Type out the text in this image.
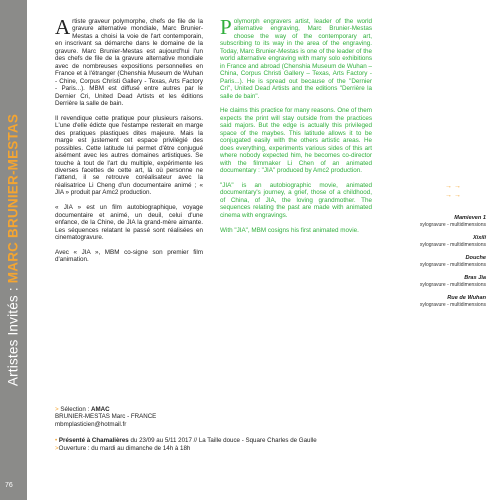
Artistes Invités :MARC BRUNIER-MESTAS
76

Artiste graveur polymorphe, chefs de file de la gravure alternative mondiale, Marc Brunier-Mestas a choisi la voie de l'art contemporain, en inscrivant sa démarche dans le domaine de la gravure. Marc Brunier-Mestas est aujourd'hui l'un des chefs de file de la gravure alternative mondiale avec de nombreuses expositions personnelles en France et à l'étranger (Chenshia Museum de Wuhan - Chine, Corpus Christi Gallery - Texas, Arts Factory - Paris...). MBM est diffusé entre autres par le Dernier Cri, United Dead Artists et les éditions Derrière la salle de bain.

Il revendique cette pratique pour plusieurs raisons. L'une d'elle édicte que l'estampe resterait en marge des pratiques plastiques dites majeure. Mais la marge est justement cet espace privilégié des possibles. Cette latitude lui permet d'être conjugué aisément avec les autres domaines artistiques. Se touche à tout de l'art du multiple, expérimente les diverses facettes de cette art, là où personne ne l'attend, il se retrouve coréalisateur avec la réalisatrice Li Cheng d'un documentaire animé ; « JIA » produit par Amc2 production.

« JIA » est un film autobiographique, voyage documentaire et animé, un deuil, celui d'une enfance, de la Chine, de JIA la grand-mère aimante. Les séquences relatant le passé sont réalisées en cinematogravure.

Avec « JIA », MBM co-signe son premier film d'animation.

Polymorph engravers artist, leader of the world alternative engraving, Marc Brunier-Mestas choose the way of the contemporary art, subscribing to its way in the area of the engraving. Today, Marc Brunier-Mestas is one of the leader of the world alternative engraving with many solo exhibitions in France and abroad (Chenshia Museum de Wuhan – China, Corpus Christi Gallery – Texas, Arts Factory - Paris...). He is spread out because of the "Dernier Cri", United Dead Artists and the editions "Derrière la salle de bain".

He claims this practice for many reasons. One of them expects the print will stay outside from the practices said majors. But the edge is actually this privileged space of the maybes. This latitude allows it to be conjugated easily with the others artistic areas. He does everything, experiments various sides of this art where nobody expected him, he becomes co-director with the filmmaker Li Chen of an animated documentary : "JIA" produced by Amc2 production.

"JIA" is an autobiographic movie, animated documentary's journey, a grief, those of a childhood, of China, of JIA, the loving grandmother. The sequences relating the past are made with animated cinema with engravings.

With "JIA", MBM cosigns his first animated movie.

→ →
→ →
Mamieven 1
xylogravure - multidimensions
Xixili
xylogravure - multidimensions
Douche
xylogravure - multidimensions
Bras Jia
xylogravure - multidimensions
Rue de Wuhan
xylogravure - multidimensions
> Sélection : AMAC
BRUNIER-MESTAS Marc - FRANCE
mbmplasticien@hotmail.fr
• Présenté à Chamalières du 23/09 au 5/11 2017 // La Taille douce - Square Charles de Gaulle
>Ouverture : du mardi au dimanche de 14h à 18h
